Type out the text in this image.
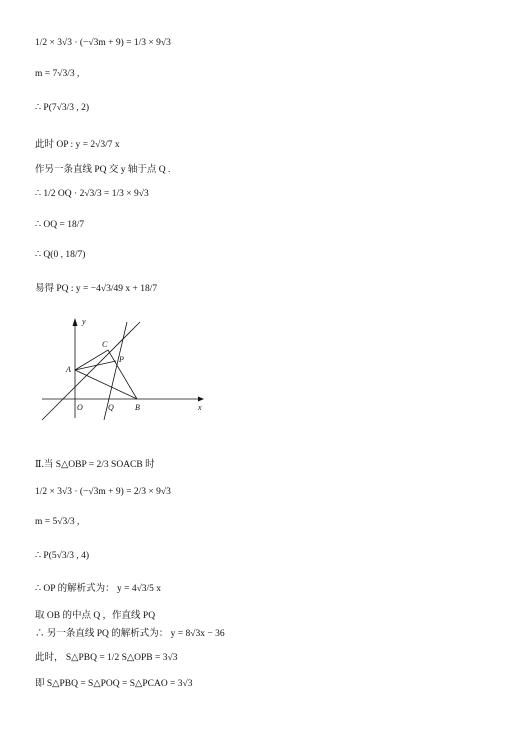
1/2 × 3√3 · (−√3m + 9) = 1/3 × 9√3
m = 7√3/3 ,
∴ P(7√3/3 , 2)
此时 OP : y = 2√3/7 x
作另一条直线 PQ 交 y 轴于点 Q .
∴ 1/2 OQ · 2√3/3 = 1/3 × 9√3
∴ OQ = 18/7
∴ Q(0 , 18/7)
易得 PQ : y = −4√3/49 x + 18/7
y
x
C
P
A
O	Q	B
Ⅱ.当 S△OBP = 2/3 SOACB 时
1/2 × 3√3 · (−√3m + 9) = 2/3 × 9√3
m = 5√3/3 ,
∴ P(5√3/3 , 4)
∴ OP 的解析式为： y = 4√3/5 x
取 OB 的中点 Q ，作直线 PQ
∴ 另一条直线 PQ 的解析式为： y = 8√3x − 36
此时， S△PBQ = 1/2 S△OPB = 3√3
即 S△PBQ = S△POQ = S△PCAO = 3√3
